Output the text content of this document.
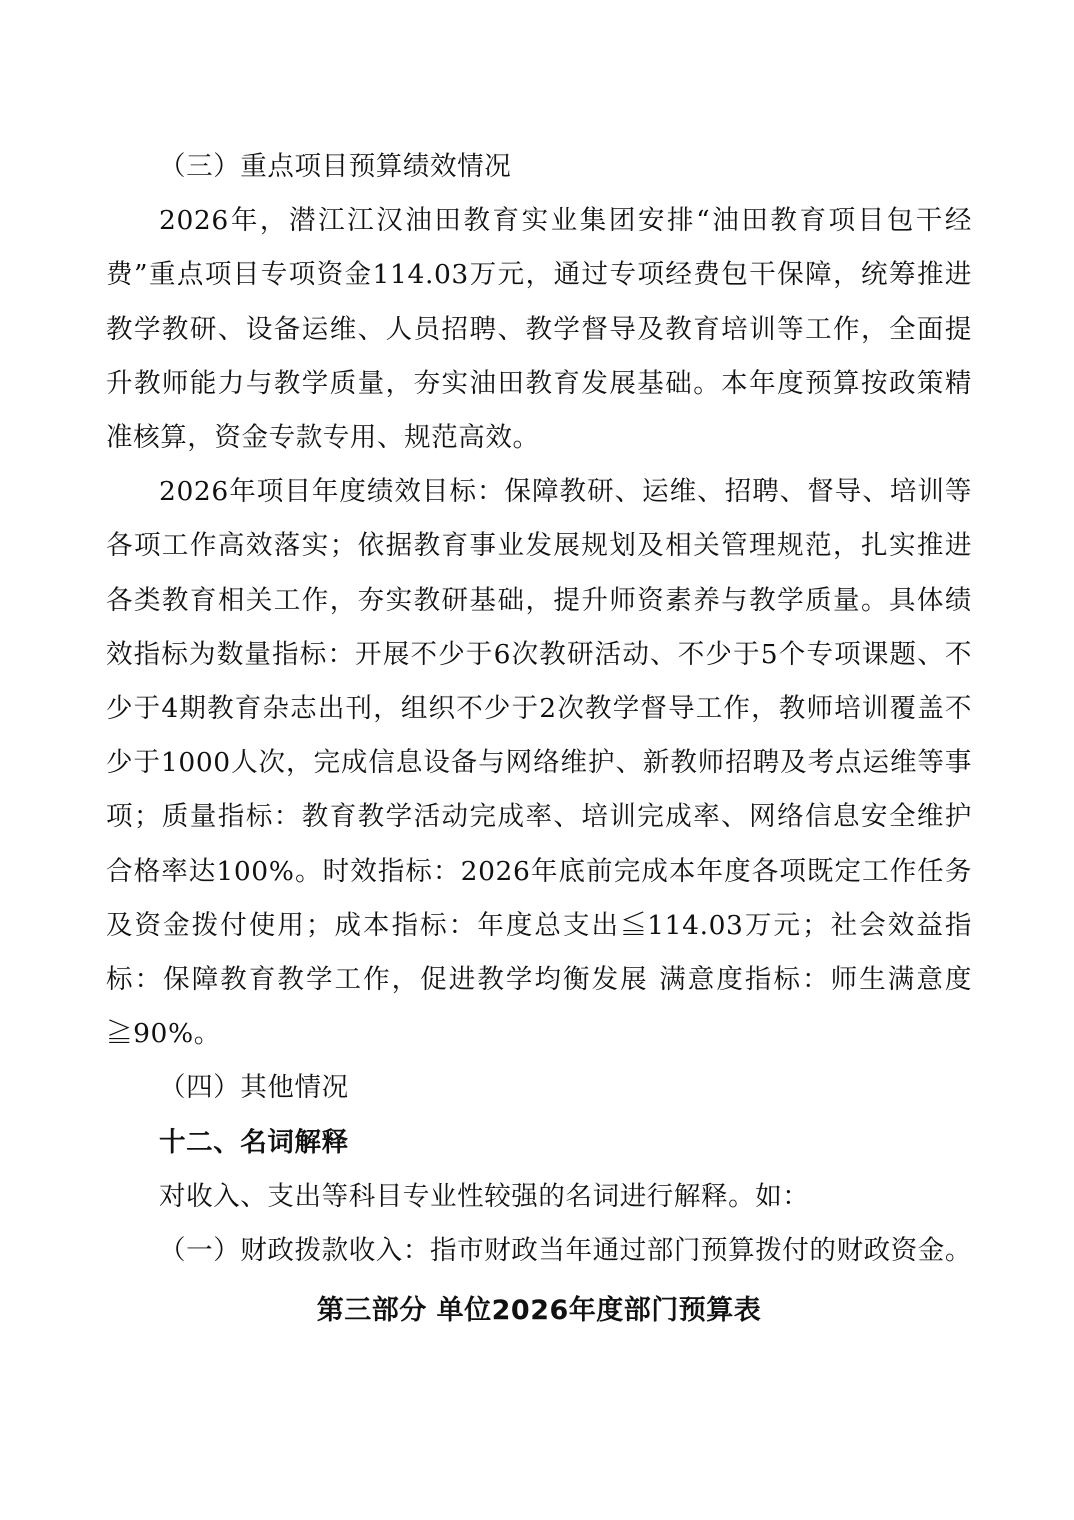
（三）重点项目预算绩效情况

2026年，潜江江汉油田教育实业集团安排“油田教育项目包干经费”重点项目专项资金114.03万元，通过专项经费包干保障，统筹推进教学教研、设备运维、人员招聘、教学督导及教育培训等工作，全面提升教师能力与教学质量，夯实油田教育发展基础。本年度预算按政策精准核算，资金专款专用、规范高效。

2026年项目年度绩效目标：保障教研、运维、招聘、督导、培训等各项工作高效落实；依据教育事业发展规划及相关管理规范，扎实推进各类教育相关工作，夯实教研基础，提升师资素养与教学质量。具体绩效指标为数量指标：开展不少于6次教研活动、不少于5个专项课题、不少于4期教育杂志出刊，组织不少于2次教学督导工作，教师培训覆盖不少于1000人次，完成信息设备与网络维护、新教师招聘及考点运维等事项；质量指标：教育教学活动完成率、培训完成率、网络信息安全维护合格率达100%。时效指标：2026年底前完成本年度各项既定工作任务及资金拨付使用；成本指标：年度总支出≦114.03万元；社会效益指标：保障教育教学工作，促进教学均衡发展 满意度指标：师生满意度≧90%。

（四）其他情况

十二、名词解释

对收入、支出等科目专业性较强的名词进行解释。如：

（一）财政拨款收入：指市财政当年通过部门预算拨付的财政资金。

第三部分 单位2026年度部门预算表
